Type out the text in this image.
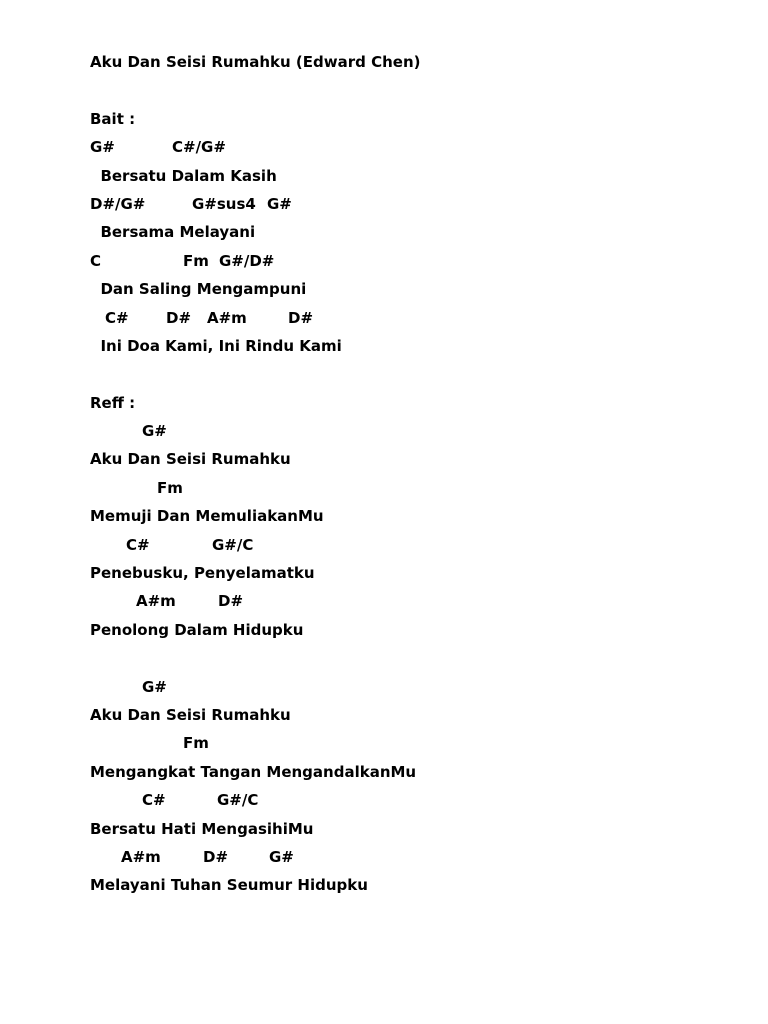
Aku Dan Seisi Rumahku (Edward Chen)
Bait :
G#	C#/G#
Bersatu Dalam Kasih
D#/G#	G#sus4 G#
Bersama Melayani
C	Fm G#/D#
Dan Saling Mengampuni
C# D# A#m	D#
Ini Doa Kami, Ini Rindu Kami
Reff :
G#
Aku Dan Seisi Rumahku
Fm
Memuji Dan MemuliakanMu
C#	G#/C
Penebusku, Penyelamatku
A#m	D#
Penolong Dalam Hidupku
G#
Aku Dan Seisi Rumahku
Fm
Mengangkat Tangan MengandalkanMu
C#	G#/C
Bersatu Hati MengasihiMu
A#m	D#	G#
Melayani Tuhan Seumur Hidupku
